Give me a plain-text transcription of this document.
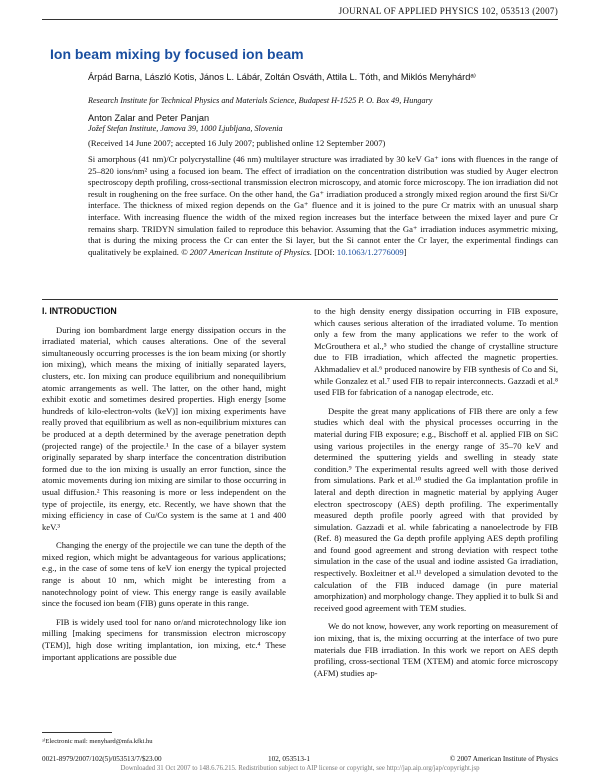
JOURNAL OF APPLIED PHYSICS 102, 053513 (2007)
Ion beam mixing by focused ion beam
Árpád Barna, László Kotis, János L. Lábár, Zoltán Osváth, Attila L. Tóth, and Miklós Menyhárdᵃ⁾
Research Institute for Technical Physics and Materials Science, Budapest H-1525 P. O. Box 49, Hungary
Anton Zalar and Peter Panjan
Jožef Stefan Institute, Jamova 39, 1000 Ljubljana, Slovenia
(Received 14 June 2007; accepted 16 July 2007; published online 12 September 2007)
Si amorphous (41 nm)/Cr polycrystalline (46 nm) multilayer structure was irradiated by 30 keV Ga⁺ ions with fluences in the range of 25–820 ions/nm² using a focused ion beam. The effect of irradiation on the concentration distribution was studied by Auger electron spectroscopy depth profiling, cross-sectional transmission electron microscopy, and atomic force microscopy. The ion irradiation did not result in roughening on the free surface. On the other hand, the Ga⁺ irradiation produced a strongly mixed region around the first Si/Cr interface. The thickness of mixed region depends on the Ga⁺ fluence and it is joined to the pure Cr matrix with an unusual sharp interface. With increasing fluence the width of the mixed region increases but the interface between the mixed layer and pure Cr remains sharp. TRIDYN simulation failed to reproduce this behavior. Assuming that the Ga⁺ irradiation induces asymmetric mixing, that is during the mixing process the Cr can enter the Si layer, but the Si cannot enter the Cr layer, the experimental findings can qualitatively be explained. © 2007 American Institute of Physics. [DOI: 10.1063/1.2776009]

I. INTRODUCTION

During ion bombardment large energy dissipation occurs in the irradiated material, which causes alterations. One of the several simultaneously occurring processes is the ion beam mixing (or shortly ion mixing), which means the mixing of initially separated layers, clusters, etc. Ion mixing can produce equilibrium and nonequilibrium atomic arrangements as well. The latter, on the other hand, might exhibit exotic and sometimes desired properties. High energy [some hundreds of kilo-electron-volts (keV)] ion mixing experiments have really proved that equilibrium as well as non-equilibrium mixtures can be produced at a depth determined by the average penetration depth (projected range) of the projectile.¹ In the case of a bilayer system originally separated by sharp interface the concentration distribution formed due to the ion mixing is usually an error function, since the atomic movements during ion mixing are similar to those occurring in usual diffusion.² This reasoning is more or less independent on the type of projectile, its energy, etc. Recently, we have shown that the mixing efficiency in case of Cu/Co system is the same at 1 and 400 keV.³

Changing the energy of the projectile we can tune the depth of the mixed region, which might be advantageous for various applications; e.g., in the case of some tens of keV ion energy the typical projected range is about 10 nm, which might be interesting from a nanotechnology point of view. This energy range is easily available since the focused ion beam (FIB) guns operate in this range.

FIB is widely used tool for nano or/and microtechnology like ion milling [making specimens for transmission electron microscopy (TEM)], high dose writing implantation, ion mixing, etc.⁴ These important applications are possible due

to the high density energy dissipation occurring in FIB exposure, which causes serious alteration of the irradiated volume. To mention only a few from the many applications we refer to the work of McGrouthera et al.,⁵ who studied the change of crystalline structure due to FIB irradiation, which affected the magnetic properties. Akhmadaliev et al.⁶ produced nanowire by FIB synthesis of Co and Si, while Gonzalez et al.⁷ used FIB to repair interconnects. Gazzadi et al.⁸ used FIB for fabrication of a nanogap electrode, etc.

Despite the great many applications of FIB there are only a few studies which deal with the physical processes occurring in the material during FIB exposure; e.g., Bischoff et al. applied FIB on SiC using various projectiles in the energy range of 35–70 keV and determined the sputtering yields and swelling in steady state condition.⁹ The experimental results agreed well with those derived from simulations. Park et al.¹⁰ studied the Ga implantation profile in lateral and depth direction in magnetic material by applying Auger electron spectroscopy (AES) depth profiling. The experimentally measured depth profile poorly agreed with that provided by simulation. Gazzadi et al. while fabricating a nanoelectrode by FIB (Ref. 8) measured the Ga depth profile applying AES depth profiling and found good agreement and strong deviation with respect tothe simulation in the case of the usual and iodine assisted Ga irradiation, respectively. Boxleitner et al.¹¹ developed a simulation devoted to the calculation of the FIB induced damage (in pure material amorphization) and morphology change. They applied it to bulk Si and received good agreement with TEM studies.

We do not know, however, any work reporting on measurement of ion mixing, that is, the mixing occurring at the interface of two pure materials due FIB irradiation. In this work we report on AES depth profiling, cross-sectional TEM (XTEM) and atomic force microscopy (AFM) studies ap-

ᵃ⁾Electronic mail: menyhard@mfa.kfki.hu
0021-8979/2007/102(5)/053513/7/$23.00	102, 053513-1	© 2007 American Institute of Physics
Downloaded 31 Oct 2007 to 148.6.76.215. Redistribution subject to AIP license or copyright, see http://jap.aip.org/jap/copyright.jsp
